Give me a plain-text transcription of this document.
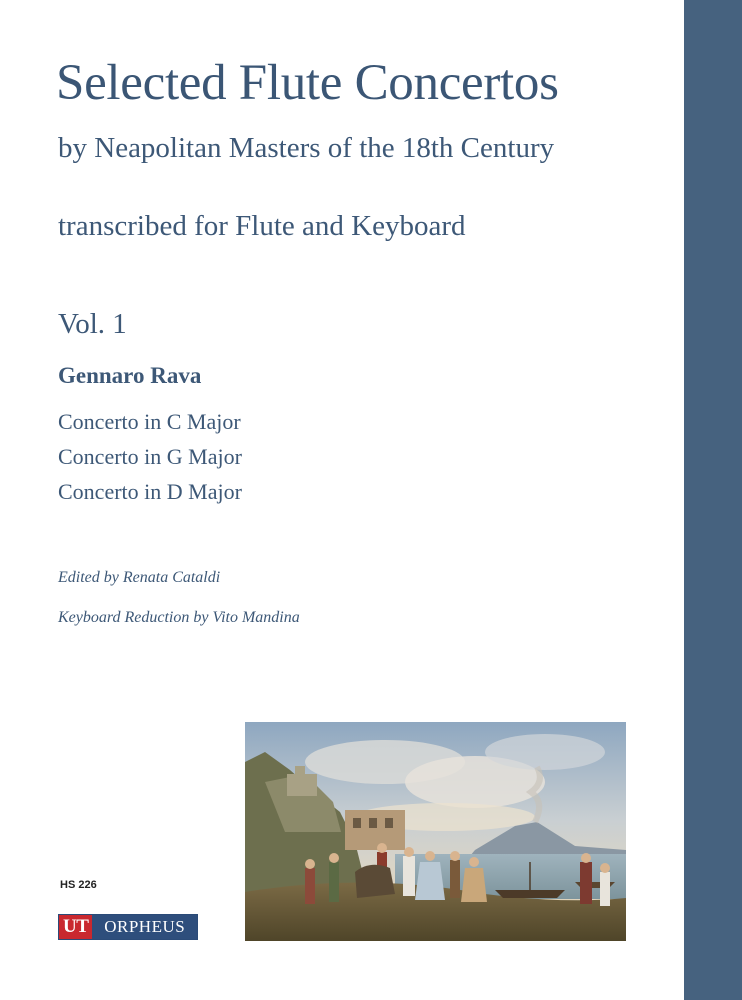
Selected Flute Concertos
by Neapolitan Masters of the 18th Century
transcribed for Flute and Keyboard
Vol. 1
Gennaro Rava
Concerto in C Major
Concerto in G Major
Concerto in D Major
Edited by Renata Cataldi
Keyboard Reduction by Vito Mandina
HS 226
UT ORPHEUS
